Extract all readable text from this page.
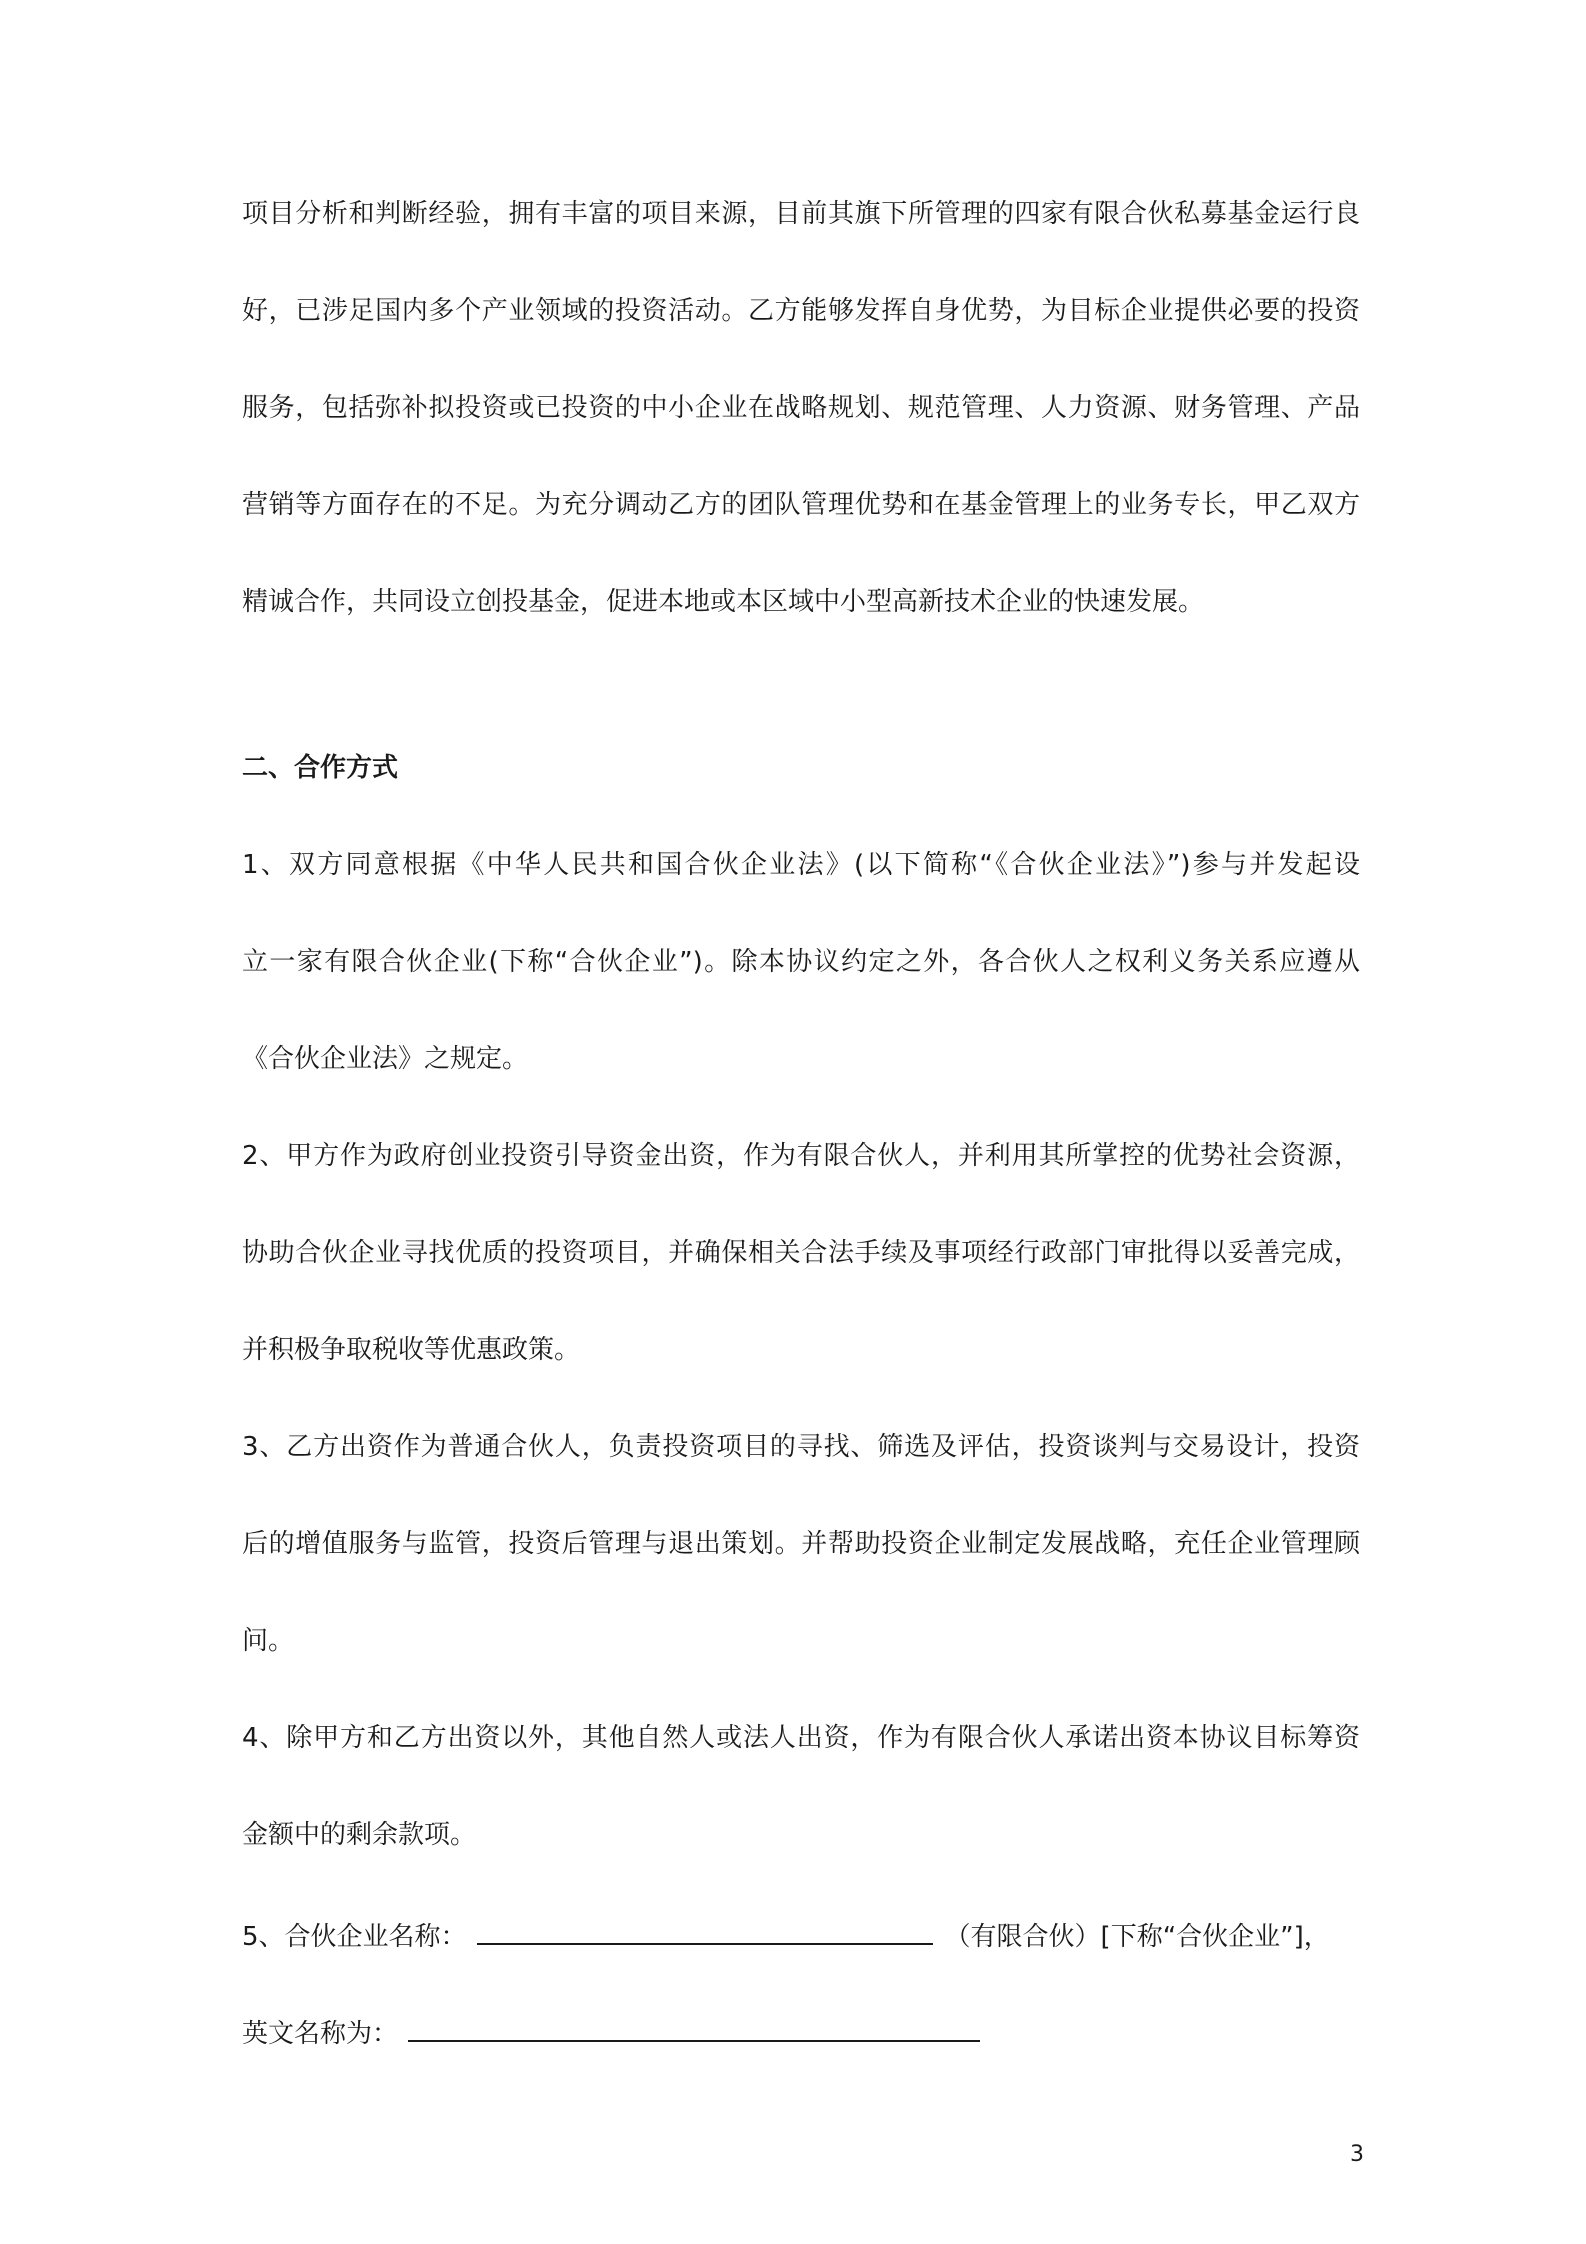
项目分析和判断经验，拥有丰富的项目来源，目前其旗下所管理的四家有限合伙私募基金运行良
好，已涉足国内多个产业领域的投资活动。乙方能够发挥自身优势，为目标企业提供必要的投资
服务，包括弥补拟投资或已投资的中小企业在战略规划、规范管理、人力资源、财务管理、产品
营销等方面存在的不足。为充分调动乙方的团队管理优势和在基金管理上的业务专长，甲乙双方
精诚合作，共同设立创投基金，促进本地或本区域中小型高新技术企业的快速发展。
二、合作方式
1、双方同意根据《中华人民共和国合伙企业法》(以下简称“《合伙企业法》”)参与并发起设
立一家有限合伙企业(下称“合伙企业”)。除本协议约定之外，各合伙人之权利义务关系应遵从
《合伙企业法》之规定。
2、甲方作为政府创业投资引导资金出资，作为有限合伙人，并利用其所掌控的优势社会资源，
协助合伙企业寻找优质的投资项目，并确保相关合法手续及事项经行政部门审批得以妥善完成，
并积极争取税收等优惠政策。
3、乙方出资作为普通合伙人，负责投资项目的寻找、筛选及评估，投资谈判与交易设计，投资
后的增值服务与监管，投资后管理与退出策划。并帮助投资企业制定发展战略，充任企业管理顾
问。
4、除甲方和乙方出资以外，其他自然人或法人出资，作为有限合伙人承诺出资本协议目标筹资
金额中的剩余款项。
5、合伙企业名称：	（有限合伙）[下称“合伙企业”]，
英文名称为：
3
